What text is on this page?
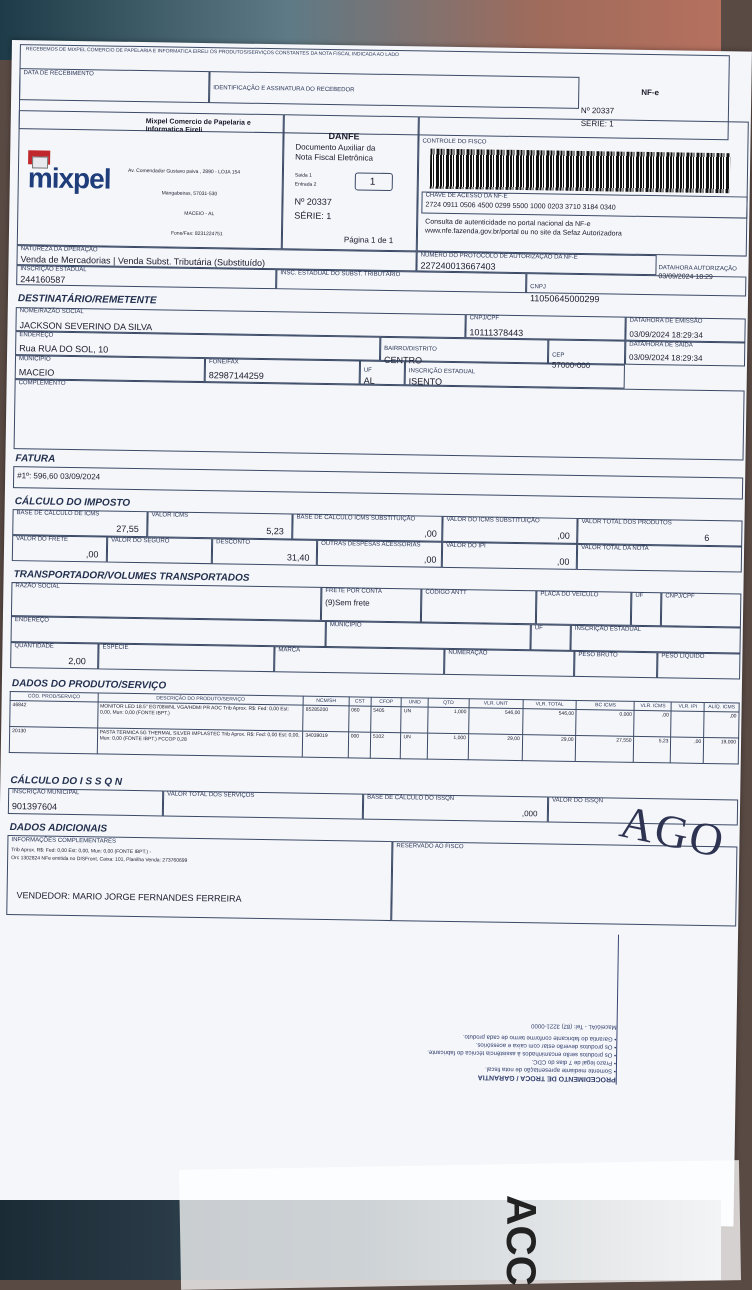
RECEBEMOS DE MIXPEL COMERCIO DE PAPELARIA E INFORMATICA EIRELI OS PRODUTOS/SERVIÇOS CONSTANTES DA NOTA FISCAL INDICADA AO LADO
DATA DE RECEBIMENTO
IDENTIFICAÇÃO E ASSINATURA DO RECEBEDOR	NF-e
Nº 20337
SÉRIE: 1
mixpel
Mixpel Comercio de Papelaria e Informatica Eireli
Av. Comendador Gustavo paiva , 2890 - LOJA 154
Mangabeiras, 57031-530
MACEIO - AL
Fone/Fax: 8231224751
DANFE
Documento Auxiliar da
Nota Fiscal Eletrônica
Saida 1
Entrada 2	1
Nº 20337
SÉRIE: 1
Página 1 de 1
CONTROLE DO FISCO
CHAVE DE ACESSO DA NF-E
2724 0911 0506 4500 0299 5500 1000 0203 3710 3184 0340
Consulta de autenticidade no portal nacional da NF-e
www.nfe.fazenda.gov.br/portal ou no site da Sefaz Autorizadora
NATUREZA DA OPERAÇÃO
Venda de Mercadorias | Venda Subst. Tributária (Substituído)	NÚMERO DO PROTOCOLO DE AUTORIZAÇÃO DA NF-E
227240013667403	DATA/HORA AUTORIZAÇÃO
03/09/2024 18:29
INSCRIÇÃO ESTADUAL
244160587	INSC. ESTADUAL DO SUBST. TRIBUTÁRIO
CNPJ
11050645000299
DESTINATÁRIO/REMETENTE
NOME/RAZÃO SOCIAL
JACKSON SEVERINO DA SILVA
CNPJ/CPF
10111378443
DATA/HORA DE EMISSÃO
03/09/2024 18:29:34
ENDEREÇO
Rua RUA DO SOL, 10	BAIRRO/DISTRITO
CENTRO	CEP
57000-000
DATA/HORA DE SAÍDA
03/09/2024 18:29:34
MUNICÍPIO
MACEIO
FONE/FAX
82987144259	UF
AL
INSCRIÇÃO ESTADUAL
ISENTO
COMPLEMENTO
FATURA
#1º: 596,60 03/09/2024
CÁLCULO DO IMPOSTO
BASE DE CÁLCULO DE ICMS
27,55
VALOR ICMS
5,23
BASE DE CALCULO ICMS SUBSTITUIÇÃO
,00
VALOR DO ICMS SUBSTITUIÇÃO
,00
VALOR TOTAL DOS PRODUTOS
6
VALOR DO FRETE
,00
VALOR DO SEGURO	DESCONTO
31,40
OUTRAS DESPESAS ACESSÓRIAS
,00
VALOR DO IPI
,00
VALOR TOTAL DA NOTA
TRANSPORTADOR/VOLUMES TRANSPORTADOS
RAZÃO SOCIAL
FRETE POR CONTA
(9)Sem frete
CÓDIGO ANTT	PLACA DO VEÍCULO	UF	CNPJ/CPF
ENDEREÇO
MUNICÍPIO	UF	INSCRIÇÃO ESTADUAL
QUANTIDADE
2,00
ESPÉCIE	MARCA	NUMERAÇÃO	PESO BRUTO	PESO LÍQUIDO
DADOS DO PRODUTO/SERVIÇO
CÓD. PROD/SERVIÇO	DESCRIÇÃO DO PRODUTO/SERVIÇO	NCM/SH	CST	CFOP	UNID	QTD	VLR. UNIT	VLR. TOTAL	BC ICMS	VLR. ICMS	VLR. IPI	ALÍQ. ICMS
46842	MONITOR LED 18.5" EG708WNL VGA/HDMI PR AOC Trib Aprox. R$: Fed: 0,00 Est: 0,00, Mun: 0,00 (FONTE IBPT.)	85285200	060	5405	UN	1,000	546,00	546,00	0,000	,00		,00
20130	PASTA TERMICA 5G THERMAL SILVER IMPLASTEC Trib Aprox. R$: Fed: 0,00 Est: 0,00, Mun: 0,00 (FONTE IBPT.) FCCOP 0,28	34039019	000	5102	UN	1,000	29,00	29,00	27,550	5,23	,00	19,000
CÁLCULO DO I S S Q N
INSCRIÇÃO MUNICIPAL
901397604
VALOR TOTAL DOS SERVIÇOS	BASE DE CÁLCULO DO ISSQN
,000
VALOR DO ISSQN
DADOS ADICIONAIS
INFORMAÇÕES COMPLEMENTARES
Trib Aprox. R$: Fed: 0,00 Est: 0,00, Mun: 0,00 (FONTE IBPT.) -
Orc 1302824 NFe emitida no DISFront, Caixa: 101, Planilha Venda: 273760699
VENDEDOR: MARIO JORGE FERNANDES FERREIRA
RESERVADO AO FISCO
PROCEDIMENTO DE TROCA / GARANTIA
• Somente mediante apresentação de nota fiscal.
• Prazo legal de 7 dias do CDC.
• Os produtos serão encaminhados à assistência técnica do fabricante.
• Os produtos deverão estar com caixa e acessórios.
• Garantia do fabricante conforme termo de cada produto.
Maceió/AL - Tel: (82) 3221-0000
AGO
ACC
